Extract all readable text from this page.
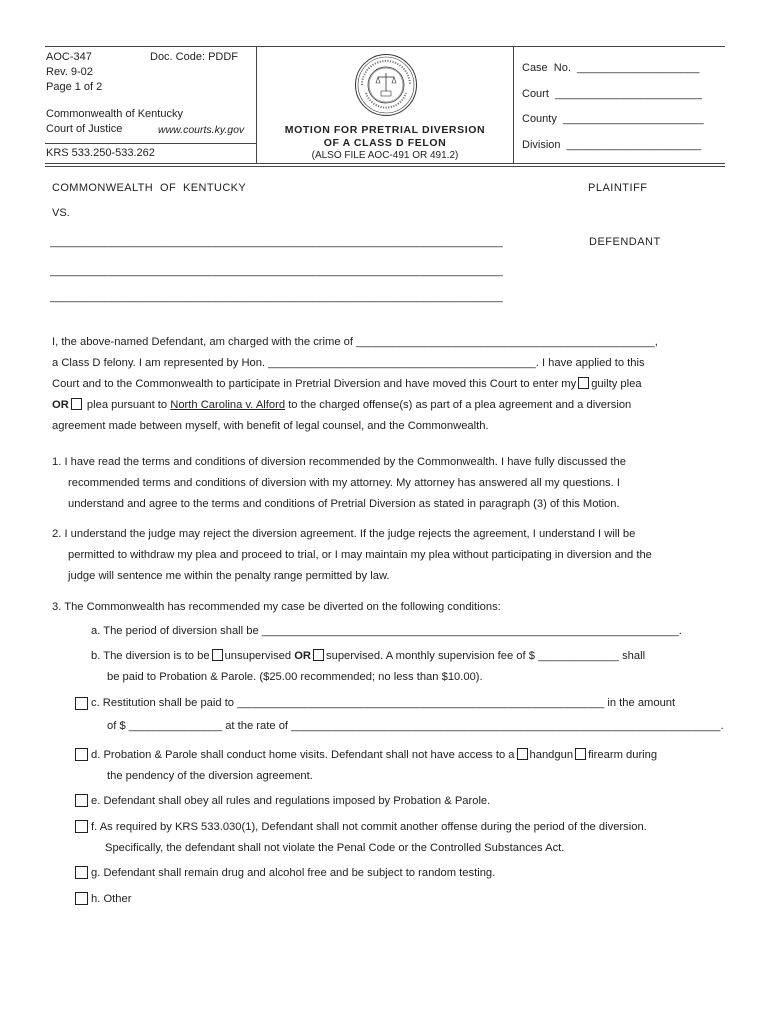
AOC-347	Doc. Code: PDDF
Rev. 9-02
Page 1 of 2
Commonwealth of Kentucky
Court of Justice	www.courts.ky.gov
KRS 533.250-533.262
MOTION FOR PRETRIAL DIVERSION
OF A CLASS D FELON
(ALSO FILE AOC-491 OR 491.2)
Case  No.  ____________________
Court  ________________________
County  _______________________
Division  ______________________
COMMONWEALTH  OF  KENTUCKY	PLAINTIFF
VS.
__________________________________________________________________________	DEFENDANT
__________________________________________________________________________
__________________________________________________________________________
I, the above-named Defendant, am charged with the crime of ________________________________________________,
a Class D felony. I am represented by Hon. ___________________________________________. I have applied to this
Court and to the Commonwealth to participate in Pretrial Diversion and have moved this Court to enter my guilty plea
OR plea pursuant to North Carolina v. Alford to the charged offense(s) as part of a plea agreement and a diversion
agreement made between myself, with benefit of legal counsel, and the Commonwealth.
1. I have read the terms and conditions of diversion recommended by the Commonwealth. I have fully discussed the
recommended terms and conditions of diversion with my attorney. My attorney has answered all my questions. I
understand and agree to the terms and conditions of Pretrial Diversion as stated in paragraph (3) of this Motion.
2. I understand the judge may reject the diversion agreement. If the judge rejects the agreement, I understand I will be
permitted to withdraw my plea and proceed to trial, or I may maintain my plea without participating in diversion and the
judge will sentence me within the penalty range permitted by law.
3. The Commonwealth has recommended my case be diverted on the following conditions:
a. The period of diversion shall be ___________________________________________________________________.
b. The diversion is to be unsupervised OR supervised. A monthly supervision fee of $ _____________ shall
be paid to Probation & Parole. ($25.00 recommended; no less than $10.00).
c. Restitution shall be paid to ___________________________________________________________ in the amount
of $ _______________ at the rate of _____________________________________________________________________.
d. Probation & Parole shall conduct home visits. Defendant shall not have access to a handgun firearm during
the pendency of the diversion agreement.
e. Defendant shall obey all rules and regulations imposed by Probation & Parole.
f. As required by KRS 533.030(1), Defendant shall not commit another offense during the period of the diversion.
Specifically, the defendant shall not violate the Penal Code or the Controlled Substances Act.
g. Defendant shall remain drug and alcohol free and be subject to random testing.
h. Other
